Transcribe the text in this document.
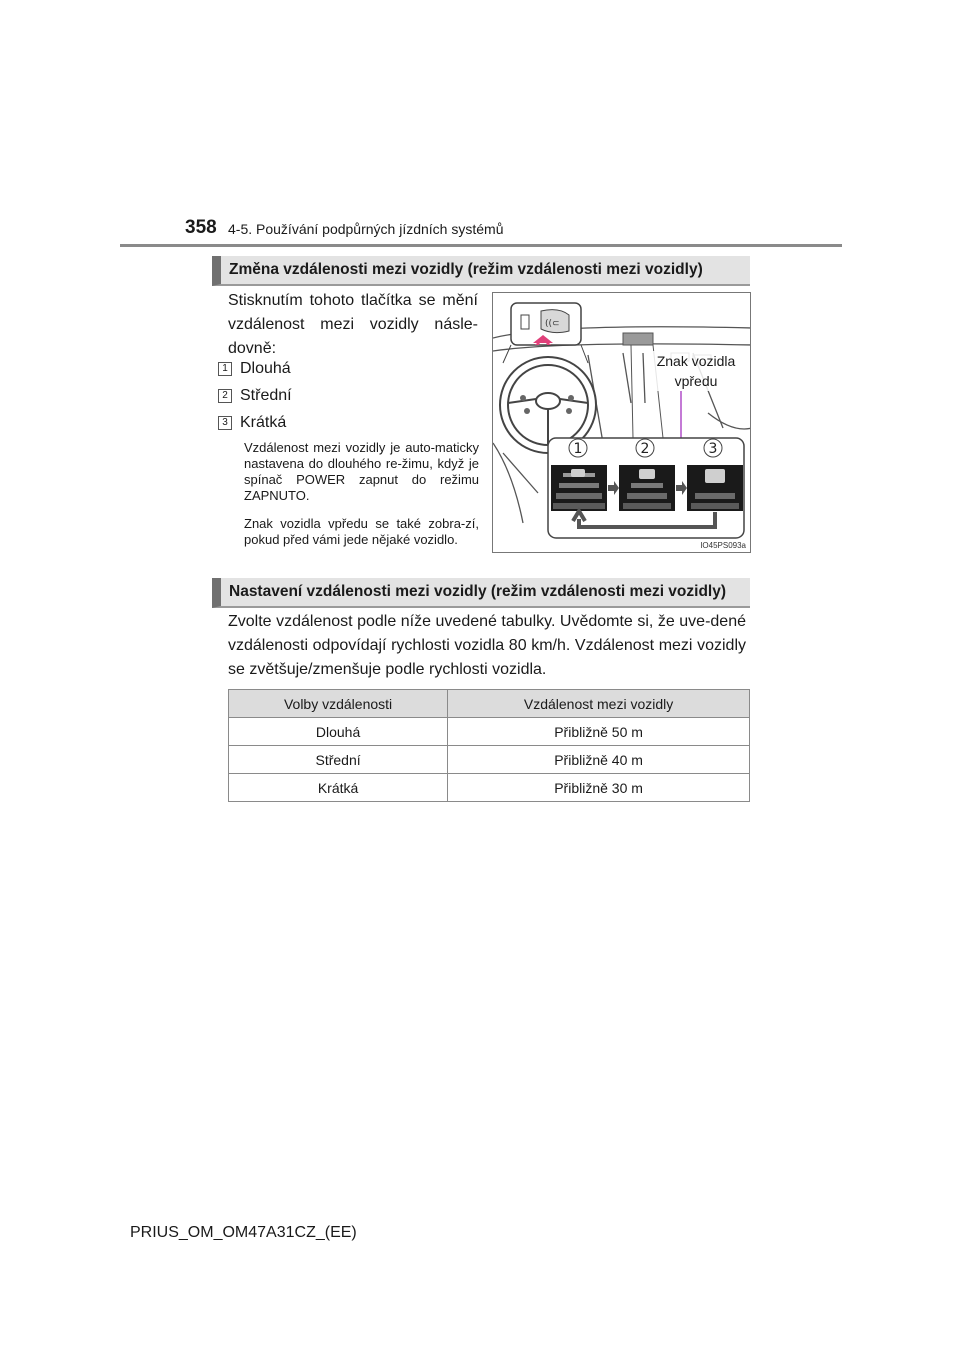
358 4-5. Používání podpůrných jízdních systémů
Změna vzdálenosti mezi vozidly (režim vzdálenosti mezi vozidly)

Stisknutím tohoto tlačítka se mění vzdálenost mezi vozidly násle-dovně:

1 Dlouhá
2 Střední
3 Krátká

Vzdálenost mezi vozidly je auto-maticky nastavena do dlouhého re-žimu, když je spínač POWER zapnut do režimu ZAPNUTO.

Znak vozidla vpředu se také zobra-zí, pokud před vámi jede nějaké vozidlo.

((⊂
1	2	3
Znak vozidla vpředu
IO45PS093a
Nastavení vzdálenosti mezi vozidly (režim vzdálenosti mezi vozidly)

Zvolte vzdálenost podle níže uvedené tabulky. Uvědomte si, že uve-dené vzdálenosti odpovídají rychlosti vozidla 80 km/h. Vzdálenost mezi vozidly se zvětšuje/zmenšuje podle rychlosti vozidla.

Volby vzdálenosti	Vzdálenost mezi vozidly
Dlouhá	Přibližně 50 m
Střední	Přibližně 40 m
Krátká	Přibližně 30 m
PRIUS_OM_OM47A31CZ_(EE)
